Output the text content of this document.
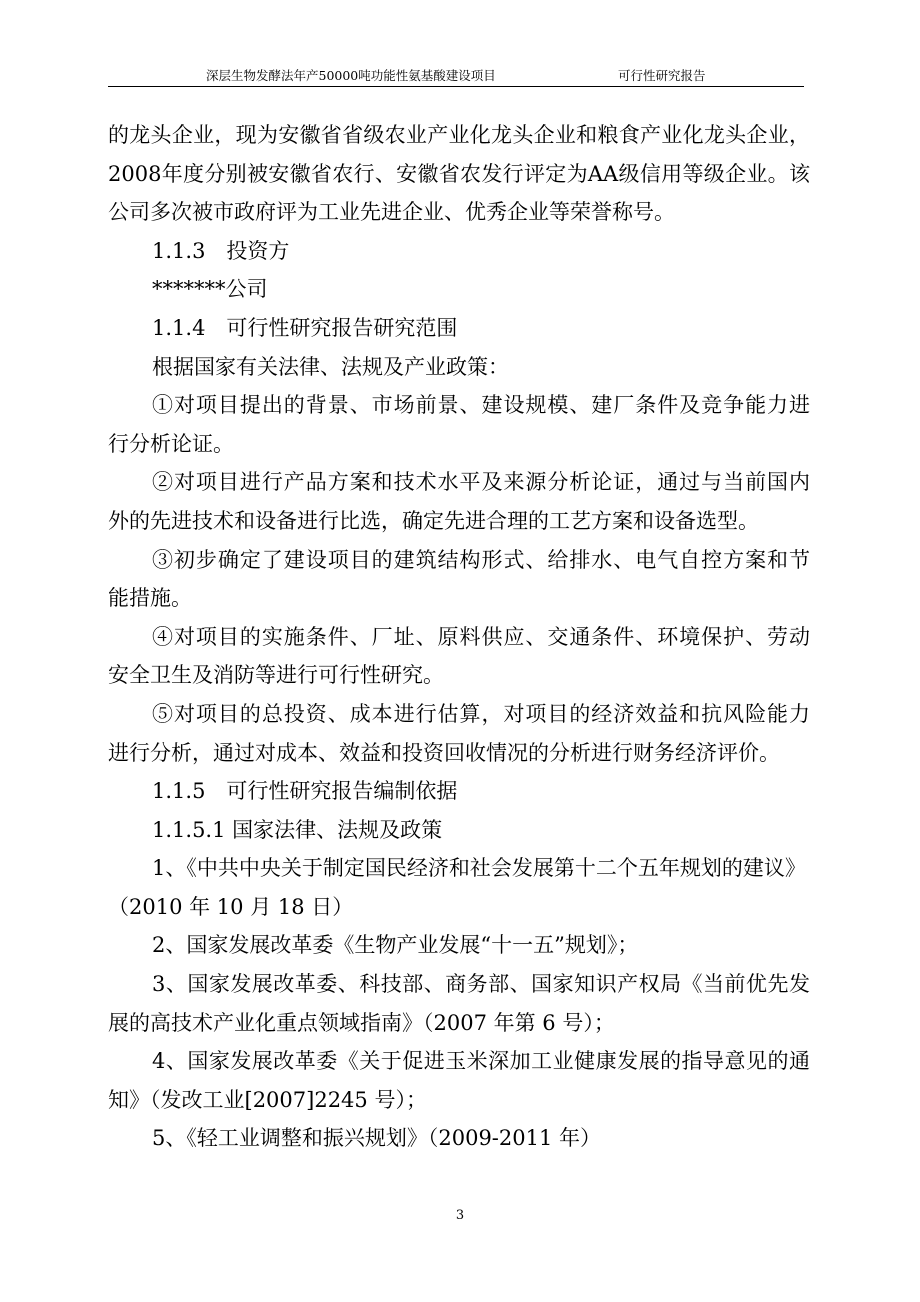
深层生物发酵法年产50000吨功能性氨基酸建设项目	可行性研究报告
的龙头企业，现为安徽省省级农业产业化龙头企业和粮食产业化龙头企业，
2008年度分别被安徽省农行、安徽省农发行评定为AA级信用等级企业。该
公司多次被市政府评为工业先进企业、优秀企业等荣誉称号。
1.1.3　投资方
*******公司
1.1.4　可行性研究报告研究范围
根据国家有关法律、法规及产业政策：
①对项目提出的背景、市场前景、建设规模、建厂条件及竞争能力进
行分析论证。
②对项目进行产品方案和技术水平及来源分析论证，通过与当前国内
外的先进技术和设备进行比选，确定先进合理的工艺方案和设备选型。
③初步确定了建设项目的建筑结构形式、给排水、电气自控方案和节
能措施。
④对项目的实施条件、厂址、原料供应、交通条件、环境保护、劳动
安全卫生及消防等进行可行性研究。
⑤对项目的总投资、成本进行估算，对项目的经济效益和抗风险能力
进行分析，通过对成本、效益和投资回收情况的分析进行财务经济评价。
1.1.5　可行性研究报告编制依据
1.1.5.1 国家法律、法规及政策
1、《中共中央关于制定国民经济和社会发展第十二个五年规划的建议》
（2010 年 10 月 18 日）
2、国家发展改革委《生物产业发展“十一五”规划》；
3、国家发展改革委、科技部、商务部、国家知识产权局《当前优先发
展的高技术产业化重点领域指南》（2007 年第 6 号）；
4、国家发展改革委《关于促进玉米深加工业健康发展的指导意见的通
知》（发改工业[2007]2245 号）；
5、《轻工业调整和振兴规划》（2009-2011 年）
3
